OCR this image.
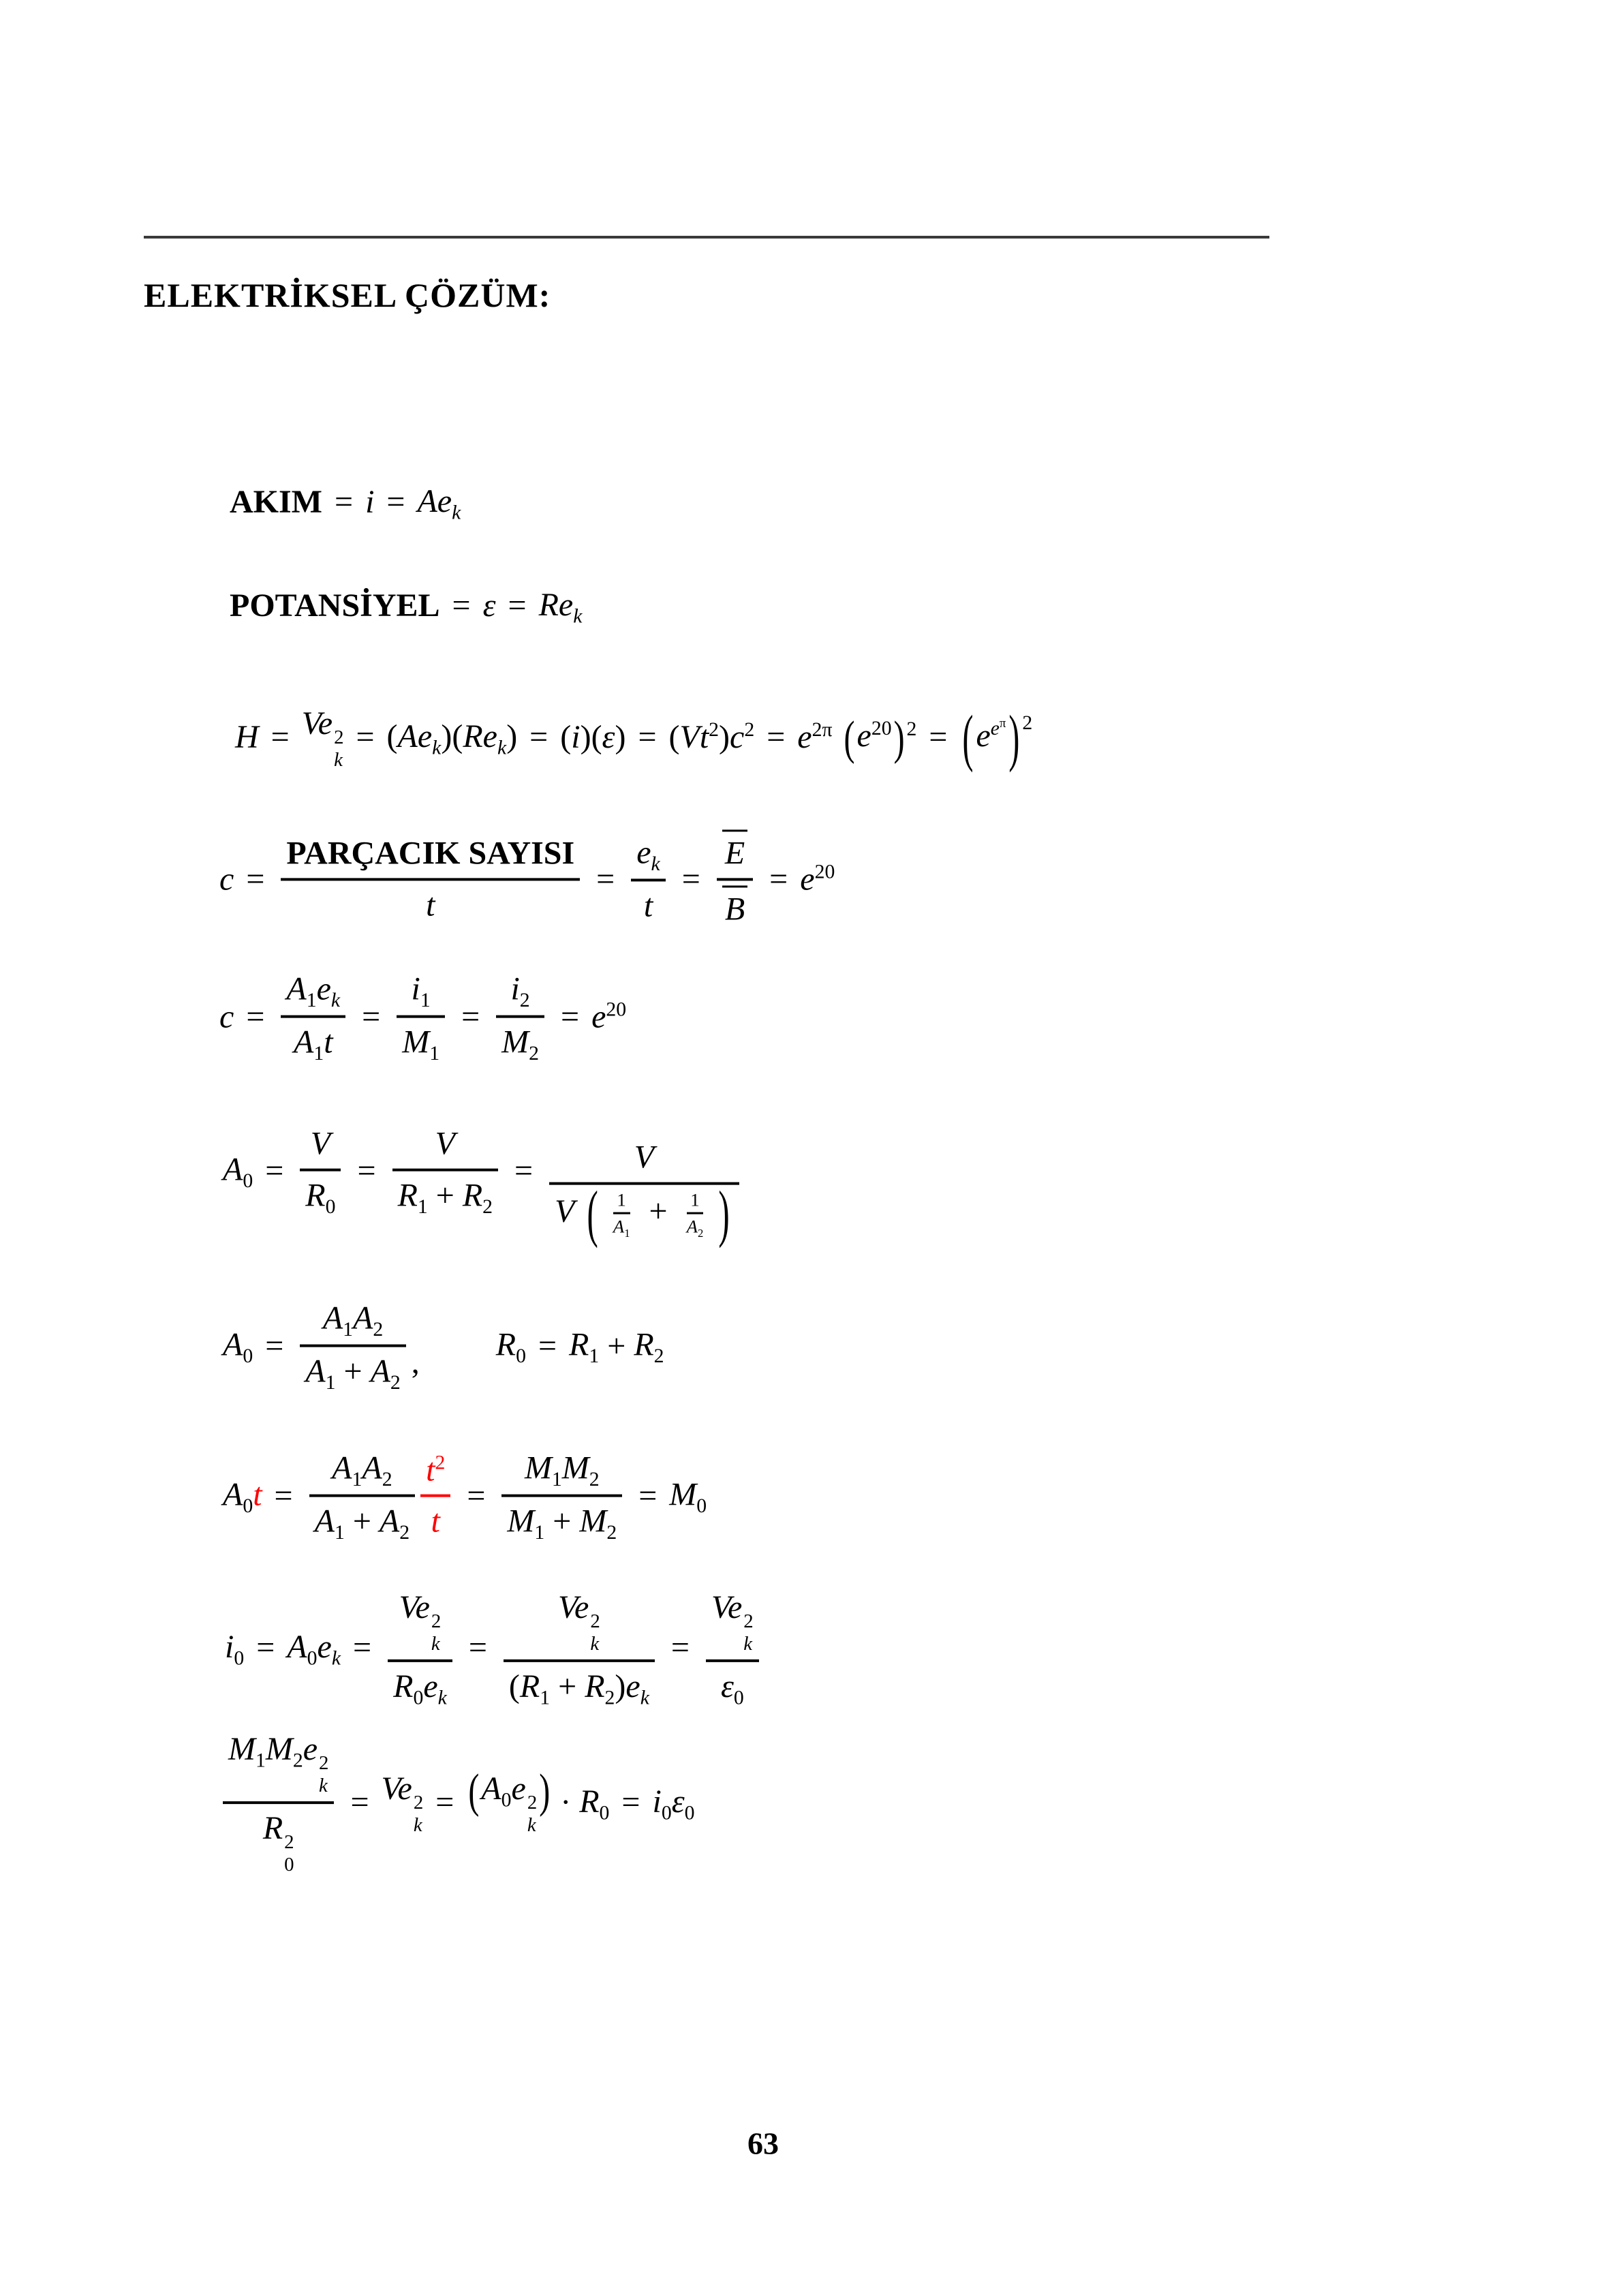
ELEKTRİKSEL ÇÖZÜM:
AKIM = $i = Ae_k$
POTANSİYEL = $\varepsilon = Re_k$
H = Ve 2
k
= $(Ae_k)(Re_k) = (i)(\varepsilon) = (Vt^2)c^2 = e^{2\pi}$ $(e^{20}) ^2 = (e^{e^\pi})$ $^2$
$c = \frac{\text{PARÇACIK SAYISI}}{t} = \frac{e_k}{t} = \frac{E}{B} = e^{20}$
$c = \frac{A_1e_k}{A_1t} = \frac{i_1}{M_1} = \frac{i_2}{M_2} = e^{20}$
$A_0 = \frac{V}{R_0} = \frac{V}{R_1 + R_2} = \frac{V}{V ( \frac{1}{A_1} + \frac{1}{A_2} )}$
$A_0 = \frac{A_1A_2}{A_1 + A_2}$ , $R_0 = R_1 + R_2$
$A_0t = \frac{A_1A_2}{A_1 + A_2} \frac{t^2}{t} = \frac{M_1M_2}{M_1 + M_2} = M_0$
$i_0 = A_0e_k = Ve$ 2
k
$R_0e_k = Ve$ 2
k
$(R_1 + R_2)e_k = Ve$ 2
k
$\varepsilon_0$
$M_1M_2e$ 2
k
R 2
0 = Ve 2
k
= ($A_0e$ 2
k
) · $R_0 = i_0\varepsilon_0$
63
